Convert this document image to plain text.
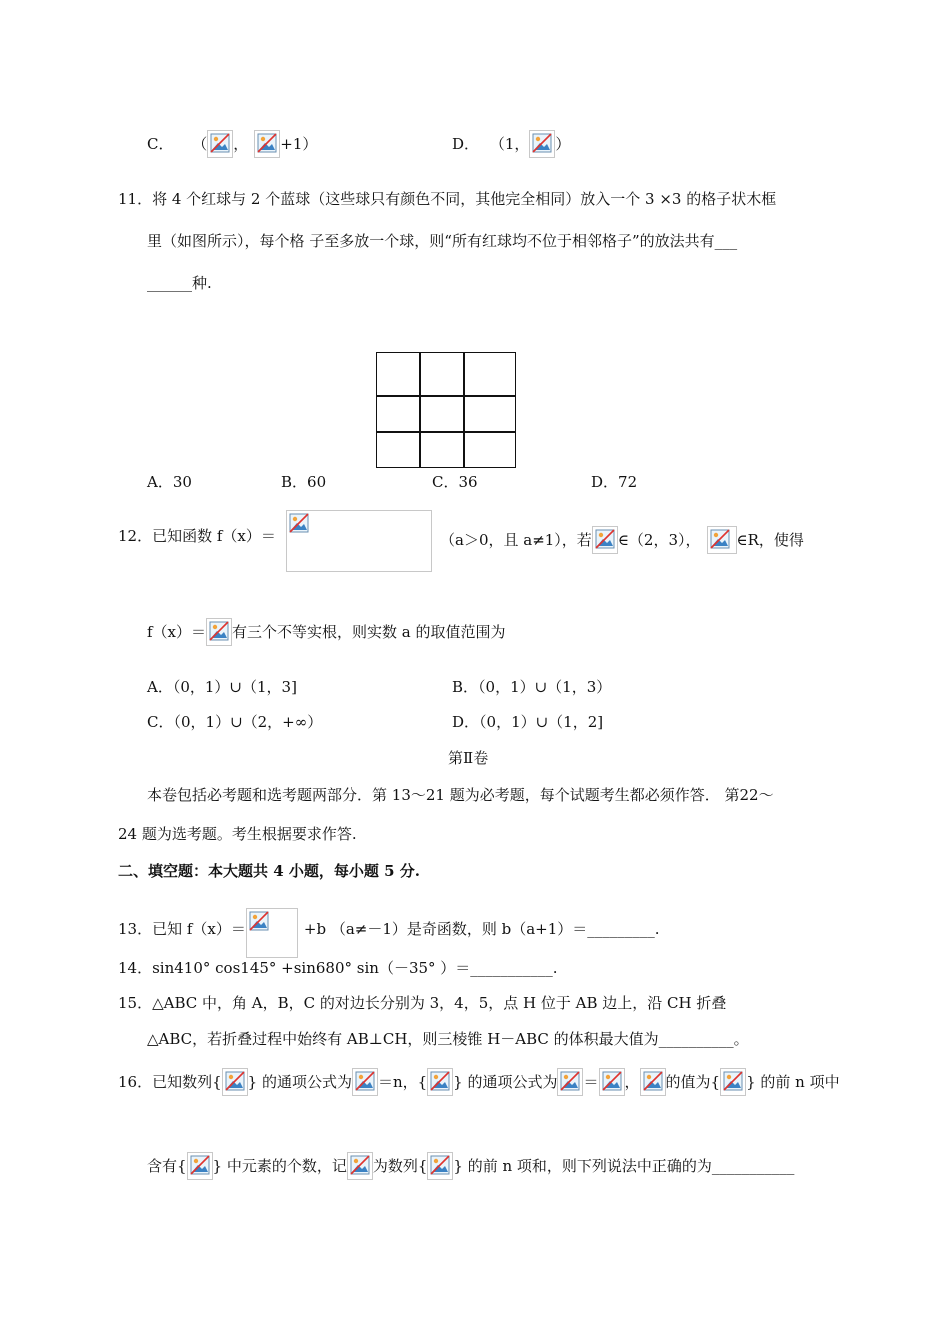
C． （ ， +1）	D． （1， ）
11．将 4 个红球与 2 个蓝球（这些球只有颜色不同，其他完全相同）放入一个 3 ×3 的格子状木框
里（如图所示），每个格 子至多放一个球，则“所有红球均不位于相邻格子”的放法共有___
______种.
A．30	B．60	C．36	D．72
12．已知函数 f（x）＝	（a＞0，且 a≠1），若 ∈（2，3）， ∈R，使得
f（x）＝ 有三个不等实根，则实数 a 的取值范围为
A．（0，1）∪（1，3]	B．（0，1）∪（1，3）
C．（0，1）∪（2，+∞）	D．（0，1）∪（1，2]
第Ⅱ卷
本卷包括必考题和选考题两部分．第 13～21 题为必考题，每个试题考生都必须作答． 第22～
24 题为选考题。考生根据要求作答.
二、填空题：本大题共 4 小题，每小题 5 分.
13．已知 f（x）＝	+b （a≠－1）是奇函数，则 b（a+1）＝_________.
14．sin410° cos145° +sin680° sin（－35° ）＝___________.
15．△ABC 中，角 A，B，C 的对边长分别为 3，4，5，点 H 位于 AB 边上，沿 CH 折叠
△ABC，若折叠过程中始终有 AB⊥CH，则三棱锥 H－ABC 的体积最大值为__________。
16．已知数列{ } 的通项公式为 ＝n，{ } 的通项公式为 ＝ ， 的值为{ } 的前 n 项中
含有{ } 中元素的个数，记 为数列{ } 的前 n 项和，则下列说法中正确的为___________
